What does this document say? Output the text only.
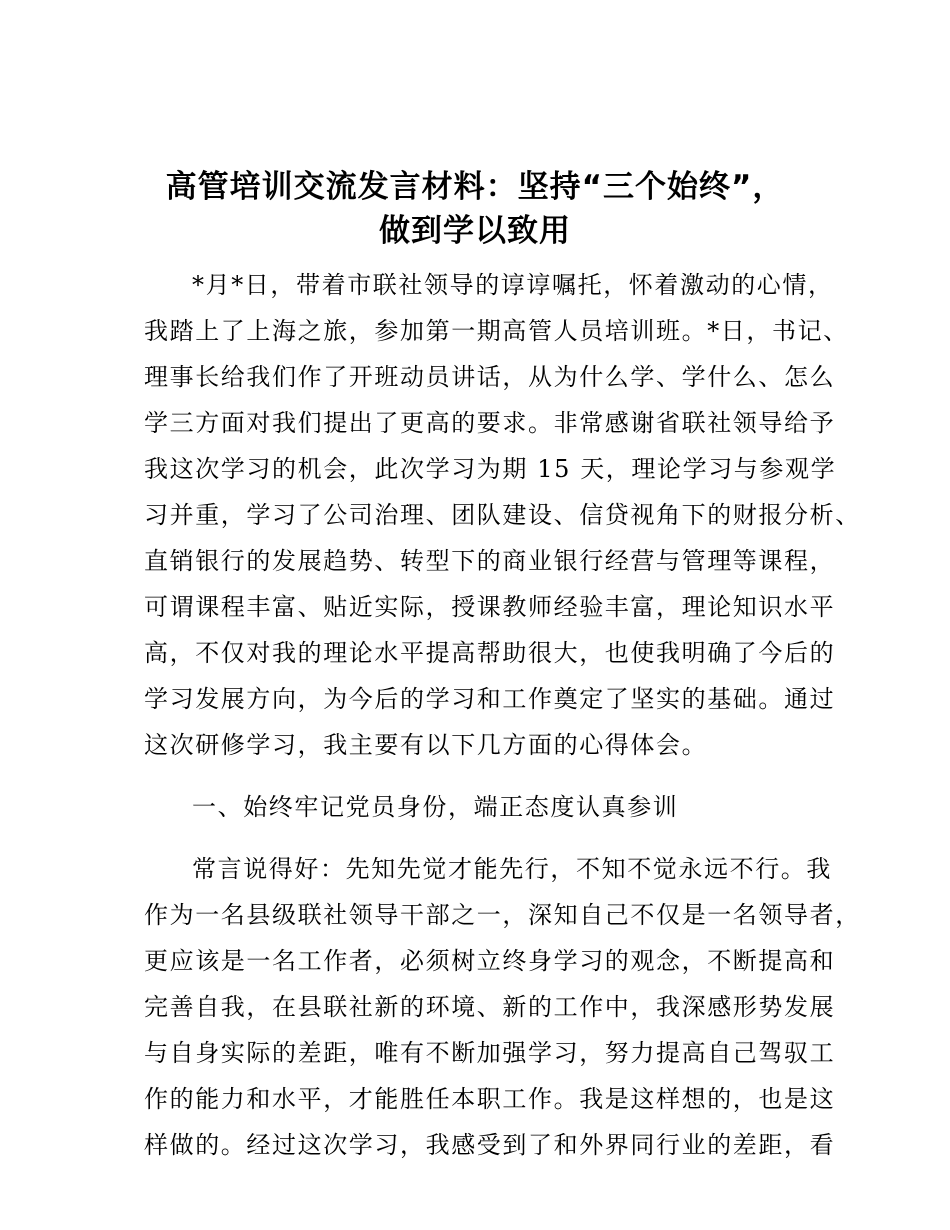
高管培训交流发言材料：坚持“三个始终”，
做到学以致用
*月*日，带着市联社领导的谆谆嘱托，怀着激动的心情，
我踏上了上海之旅，参加第一期高管人员培训班。*日，书记、
理事长给我们作了开班动员讲话，从为什么学、学什么、怎么
学三方面对我们提出了更高的要求。非常感谢省联社领导给予
我这次学习的机会，此次学习为期 15 天，理论学习与参观学
习并重，学习了公司治理、团队建设、信贷视角下的财报分析、
直销银行的发展趋势、转型下的商业银行经营与管理等课程，
可谓课程丰富、贴近实际，授课教师经验丰富，理论知识水平
高，不仅对我的理论水平提高帮助很大，也使我明确了今后的
学习发展方向，为今后的学习和工作奠定了坚实的基础。通过
这次研修学习，我主要有以下几方面的心得体会。
一、始终牢记党员身份，端正态度认真参训
常言说得好：先知先觉才能先行，不知不觉永远不行。我
作为一名县级联社领导干部之一，深知自己不仅是一名领导者，
更应该是一名工作者，必须树立终身学习的观念，不断提高和
完善自我，在县联社新的环境、新的工作中，我深感形势发展
与自身实际的差距，唯有不断加强学习，努力提高自己驾驭工
作的能力和水平，才能胜任本职工作。我是这样想的，也是这
样做的。经过这次学习，我感受到了和外界同行业的差距，看
